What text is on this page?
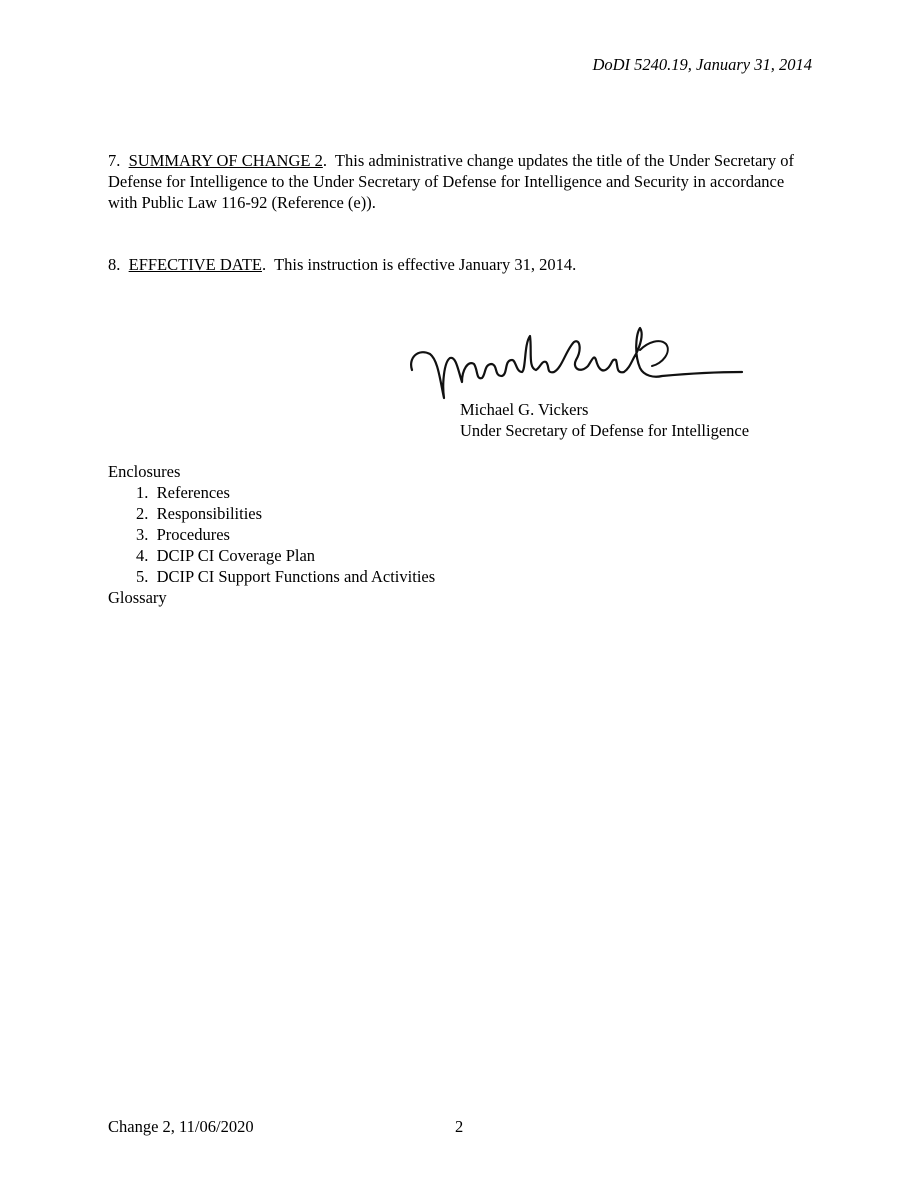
DoDI 5240.19, January 31, 2014
7. SUMMARY OF CHANGE 2.  This administrative change updates the title of the Under Secretary of Defense for Intelligence to the Under Secretary of Defense for Intelligence and Security in accordance with Public Law 116-92 (Reference (e)).
8. EFFECTIVE DATE.  This instruction is effective January 31, 2014.
Michael G. Vickers
Under Secretary of Defense for Intelligence
Enclosures
1.  References
2.  Responsibilities
3.  Procedures
4.  DCIP CI Coverage Plan
5.  DCIP CI Support Functions and Activities
Glossary
Change 2, 11/06/2020	2
